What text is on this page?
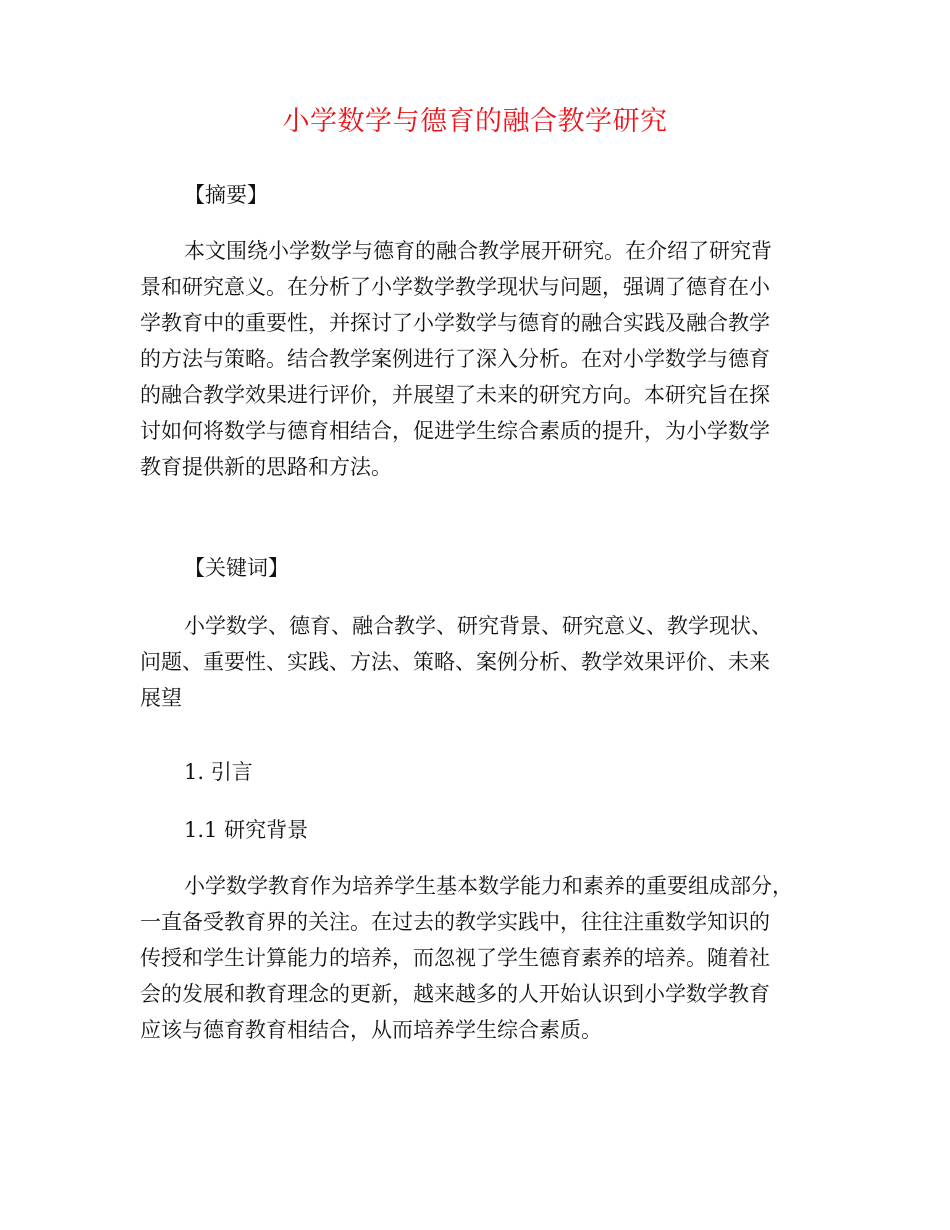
小学数学与德育的融合教学研究
【摘要】
本文围绕小学数学与德育的融合教学展开研究。在介绍了研究背
景和研究意义。在分析了小学数学教学现状与问题，强调了德育在小
学教育中的重要性，并探讨了小学数学与德育的融合实践及融合教学
的方法与策略。结合教学案例进行了深入分析。在对小学数学与德育
的融合教学效果进行评价，并展望了未来的研究方向。本研究旨在探
讨如何将数学与德育相结合，促进学生综合素质的提升，为小学数学
教育提供新的思路和方法。
【关键词】
小学数学、德育、融合教学、研究背景、研究意义、教学现状、
问题、重要性、实践、方法、策略、案例分析、教学效果评价、未来
展望
1. 引言
1.1 研究背景
小学数学教育作为培养学生基本数学能力和素养的重要组成部分，
一直备受教育界的关注。在过去的教学实践中，往往注重数学知识的
传授和学生计算能力的培养，而忽视了学生德育素养的培养。随着社
会的发展和教育理念的更新，越来越多的人开始认识到小学数学教育
应该与德育教育相结合，从而培养学生综合素质。
